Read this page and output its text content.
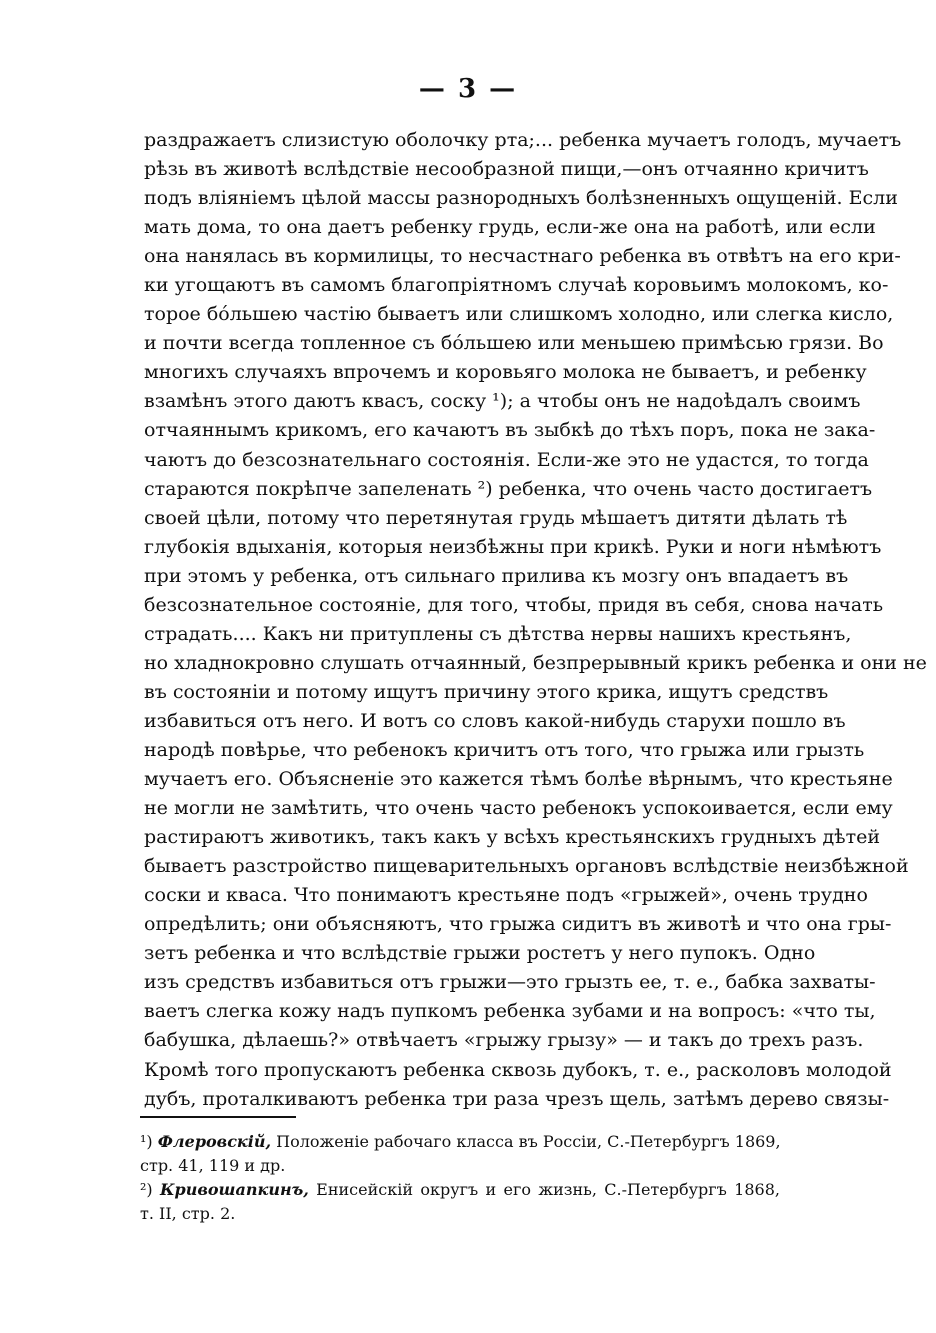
— 3 —
раздражаетъ слизистую оболочку рта;... ребенка мучаетъ голодъ, мучаетъ
рѣзь въ животѣ вслѣдствіе несообразной пищи,—онъ отчаянно кричитъ
подъ вліяніемъ цѣлой массы разнородныхъ болѣзненныхъ ощущеній. Если
мать дома, то она даетъ ребенку грудь, если-же она на работѣ, или если
она нанялась въ кормилицы, то несчастнаго ребенка въ отвѣтъ на его кри-
ки угощаютъ въ самомъ благопріятномъ случаѣ коровьимъ молокомъ, ко-
торое бóльшею частію бываетъ или слишкомъ холодно, или слегка кисло,
и почти всегда топленное съ бóльшею или меньшею примѣсью грязи. Во
многихъ случаяхъ впрочемъ и коровьяго молока не бываетъ, и ребенку
взамѣнъ этого даютъ квасъ, соску ¹); а чтобы онъ не надоѣдалъ своимъ
отчаяннымъ крикомъ, его качаютъ въ зыбкѣ до тѣхъ поръ, пока не зака-
чаютъ до безсознательнаго состоянія. Если-же это не удастся, то тогда
стараются покрѣпче запеленать ²) ребенка, что очень часто достигаетъ
своей цѣли, потому что перетянутая грудь мѣшаетъ дитяти дѣлать тѣ
глубокія вдыханія, которыя неизбѣжны при крикѣ. Руки и ноги нѣмѣютъ
при этомъ у ребенка, отъ сильнаго прилива къ мозгу онъ впадаетъ въ
безсознательное состояніе, для того, чтобы, придя въ себя, снова начать
страдать.... Какъ ни притуплены съ дѣтства нервы нашихъ крестьянъ,
но хладнокровно слушать отчаянный, безпрерывный крикъ ребенка и они не
въ состояніи и потому ищутъ причину этого крика, ищутъ средствъ
избавиться отъ него. И вотъ со словъ какой-нибудь старухи пошло въ
народѣ повѣрье, что ребенокъ кричитъ отъ того, что грыжа или грызть
мучаетъ его. Объясненіе это кажется тѣмъ болѣе вѣрнымъ, что крестьяне
не могли не замѣтить, что очень часто ребенокъ успокоивается, если ему
растираютъ животикъ, такъ какъ у всѣхъ крестьянскихъ грудныхъ дѣтей
бываетъ разстройство пищеварительныхъ органовъ вслѣдствіе неизбѣжной
соски и кваса. Что понимаютъ крестьяне подъ «грыжей», очень трудно
опредѣлить; они объясняютъ, что грыжа сидитъ въ животѣ и что она гры-
зетъ ребенка и что вслѣдствіе грыжи ростетъ у него пупокъ. Одно
изъ средствъ избавиться отъ грыжи—это грызть ее, т. е., бабка захваты-
ваетъ слегка кожу надъ пупкомъ ребенка зубами и на вопросъ: «что ты,
бабушка, дѣлаешь?» отвѣчаетъ «грыжу грызу» — и такъ до трехъ разъ.
Кромѣ того пропускаютъ ребенка сквозь дубокъ, т. е., расколовъ молодой
дубъ, проталкиваютъ ребенка три раза чрезъ щель, затѣмъ дерево связы-
¹) Флеровскій, Положеніе рабочаго класса въ Россіи, С.-Петербургъ 1869,
стр. 41, 119 и др.
²) Кривошапкинъ, Енисейскій округъ и его жизнь, С.-Петербургъ 1868,
т. II, стр. 2.
